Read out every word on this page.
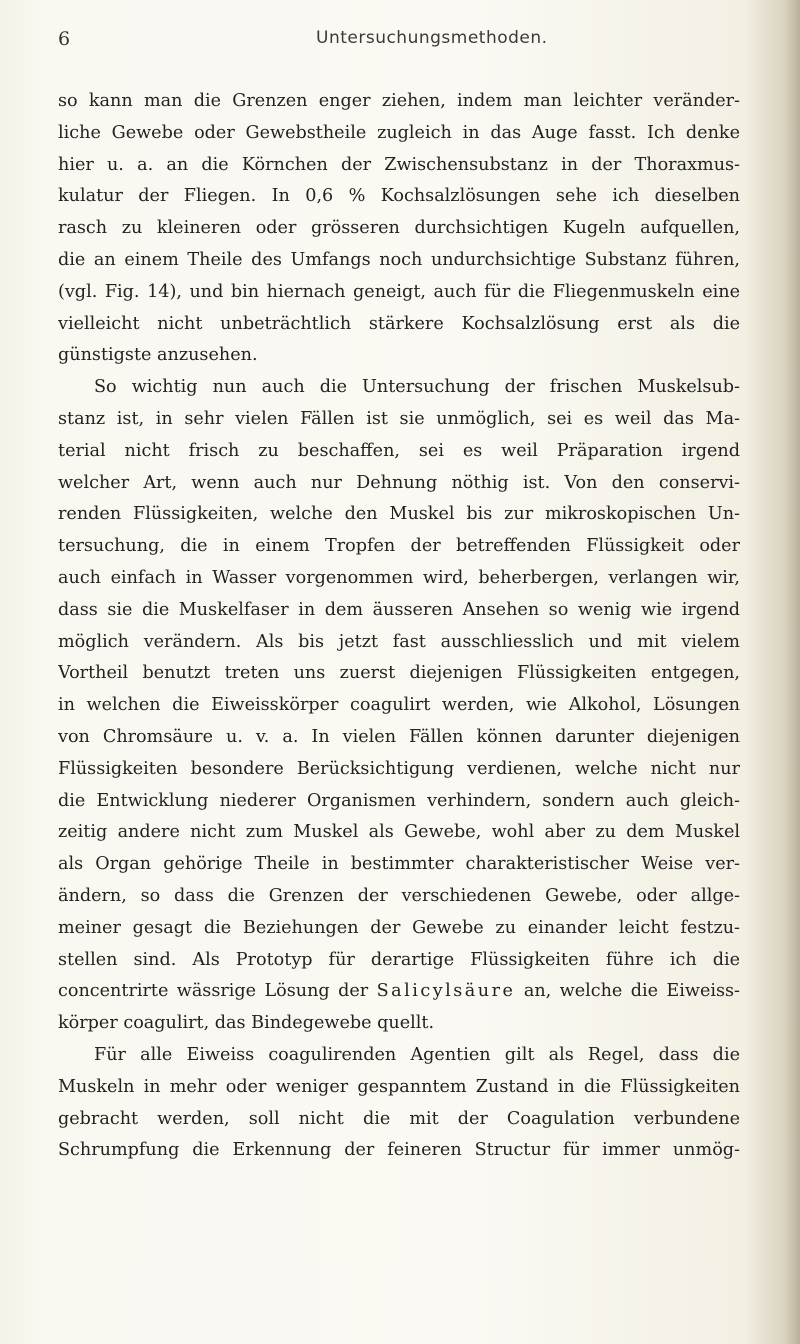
6	Untersuchungsmethoden.
so kann man die Grenzen enger ziehen, indem man leichter veränder-
liche Gewebe oder Gewebstheile zugleich in das Auge fasst. Ich denke
hier u. a. an die Körnchen der Zwischensubstanz in der Thoraxmus-
kulatur der Fliegen. In 0,6 % Kochsalzlösungen sehe ich dieselben
rasch zu kleineren oder grösseren durchsichtigen Kugeln aufquellen,
die an einem Theile des Umfangs noch undurchsichtige Substanz führen,
(vgl. Fig. 14), und bin hiernach geneigt, auch für die Fliegenmuskeln eine
vielleicht nicht unbeträchtlich stärkere Kochsalzlösung erst als die
günstigste anzusehen.
So wichtig nun auch die Untersuchung der frischen Muskelsub-
stanz ist, in sehr vielen Fällen ist sie unmöglich, sei es weil das Ma-
terial nicht frisch zu beschaffen, sei es weil Präparation irgend
welcher Art, wenn auch nur Dehnung nöthig ist. Von den conservi-
renden Flüssigkeiten, welche den Muskel bis zur mikroskopischen Un-
tersuchung, die in einem Tropfen der betreffenden Flüssigkeit oder
auch einfach in Wasser vorgenommen wird, beherbergen, verlangen wir,
dass sie die Muskelfaser in dem äusseren Ansehen so wenig wie irgend
möglich verändern. Als bis jetzt fast ausschliesslich und mit vielem
Vortheil benutzt treten uns zuerst diejenigen Flüssigkeiten entgegen,
in welchen die Eiweisskörper coagulirt werden, wie Alkohol, Lösungen
von Chromsäure u. v. a. In vielen Fällen können darunter diejenigen
Flüssigkeiten besondere Berücksichtigung verdienen, welche nicht nur
die Entwicklung niederer Organismen verhindern, sondern auch gleich-
zeitig andere nicht zum Muskel als Gewebe, wohl aber zu dem Muskel
als Organ gehörige Theile in bestimmter charakteristischer Weise ver-
ändern, so dass die Grenzen der verschiedenen Gewebe, oder allge-
meiner gesagt die Beziehungen der Gewebe zu einander leicht festzu-
stellen sind. Als Prototyp für derartige Flüssigkeiten führe ich die
concentrirte wässrige Lösung der Salicylsäure an, welche die Eiweiss-
körper coagulirt, das Bindegewebe quellt.
Für alle Eiweiss coagulirenden Agentien gilt als Regel, dass die
Muskeln in mehr oder weniger gespanntem Zustand in die Flüssigkeiten
gebracht werden, soll nicht die mit der Coagulation verbundene
Schrumpfung die Erkennung der feineren Structur für immer unmög-
